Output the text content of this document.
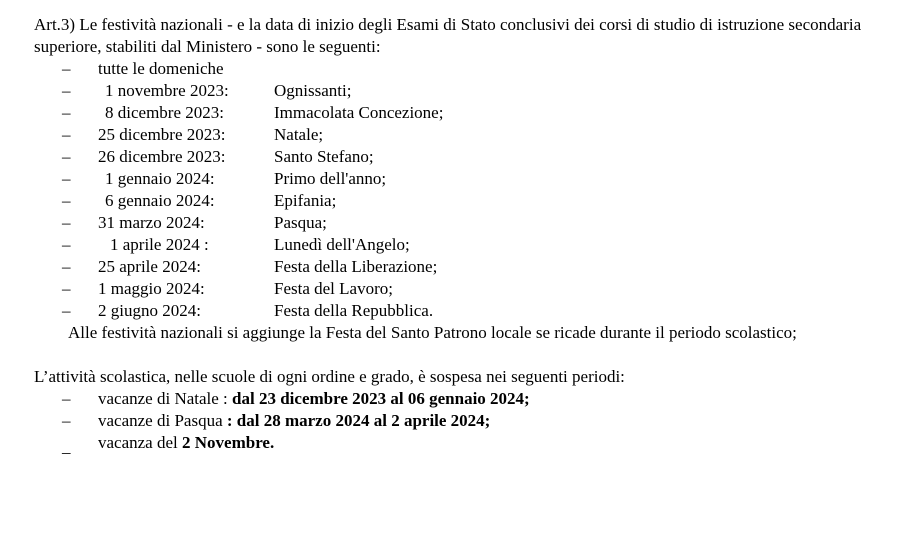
Art.3) Le festività nazionali - e la data di inizio degli Esami di Stato conclusivi dei corsi di studio di istruzione secondaria superiore, stabiliti dal Ministero - sono le seguenti:

– tutte le domeniche
– 1 novembre 2023:	Ognissanti;
– 8 dicembre 2023:	Immacolata Concezione;
– 25 dicembre 2023:	Natale;
– 26 dicembre 2023:	Santo Stefano;
– 1 gennaio 2024:	Primo dell'anno;
– 6 gennaio 2024:	Epifania;
– 31 marzo 2024:	Pasqua;
– 1 aprile 2024 :	Lunedì dell'Angelo;
– 25 aprile 2024:	Festa della Liberazione;
– 1 maggio 2024:	Festa del Lavoro;
– 2 giugno 2024:	Festa della Repubblica.

Alle festività nazionali si aggiunge la Festa del Santo Patrono locale se ricade durante il periodo scolastico;

L’attività scolastica, nelle scuole di ogni ordine e grado, è sospesa nei seguenti periodi:

– vacanze di Natale : dal 23 dicembre 2023 al 06 gennaio 2024;
– vacanze di Pasqua : dal 28 marzo 2024 al 2 aprile 2024;
_ vacanza del 2 Novembre.
